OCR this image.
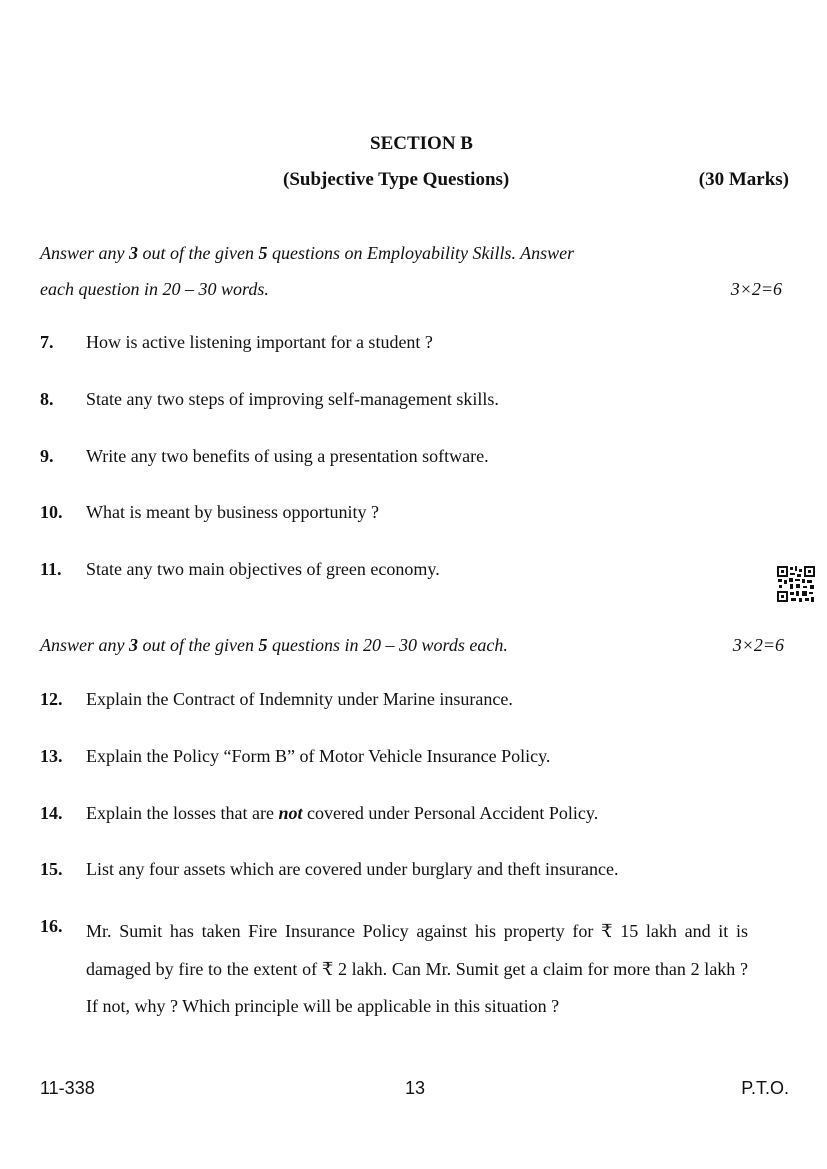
SECTION B
(Subjective Type Questions)	(30 Marks)
Answer any 3 out of the given 5 questions on Employability Skills. Answer
each question in 20 – 30 words.	3×2=6
7. How is active listening important for a student ?
8. State any two steps of improving self-management skills.
9. Write any two benefits of using a presentation software.
10. What is meant by business opportunity ?
11. State any two main objectives of green economy.
Answer any 3 out of the given 5 questions in 20 – 30 words each.	3×2=6
12. Explain the Contract of Indemnity under Marine insurance.
13. Explain the Policy “Form B” of Motor Vehicle Insurance Policy.
14. Explain the losses that are not covered under Personal Accident Policy.
15. List any four assets which are covered under burglary and theft insurance.
16. Mr. Sumit has taken Fire Insurance Policy against his property for ₹ 15 lakh and it is damaged by fire to the extent of ₹ 2 lakh. Can Mr. Sumit get a claim for more than 2 lakh ? If not, why ? Which principle will be applicable in this situation ?
11-338	13	P.T.O.
